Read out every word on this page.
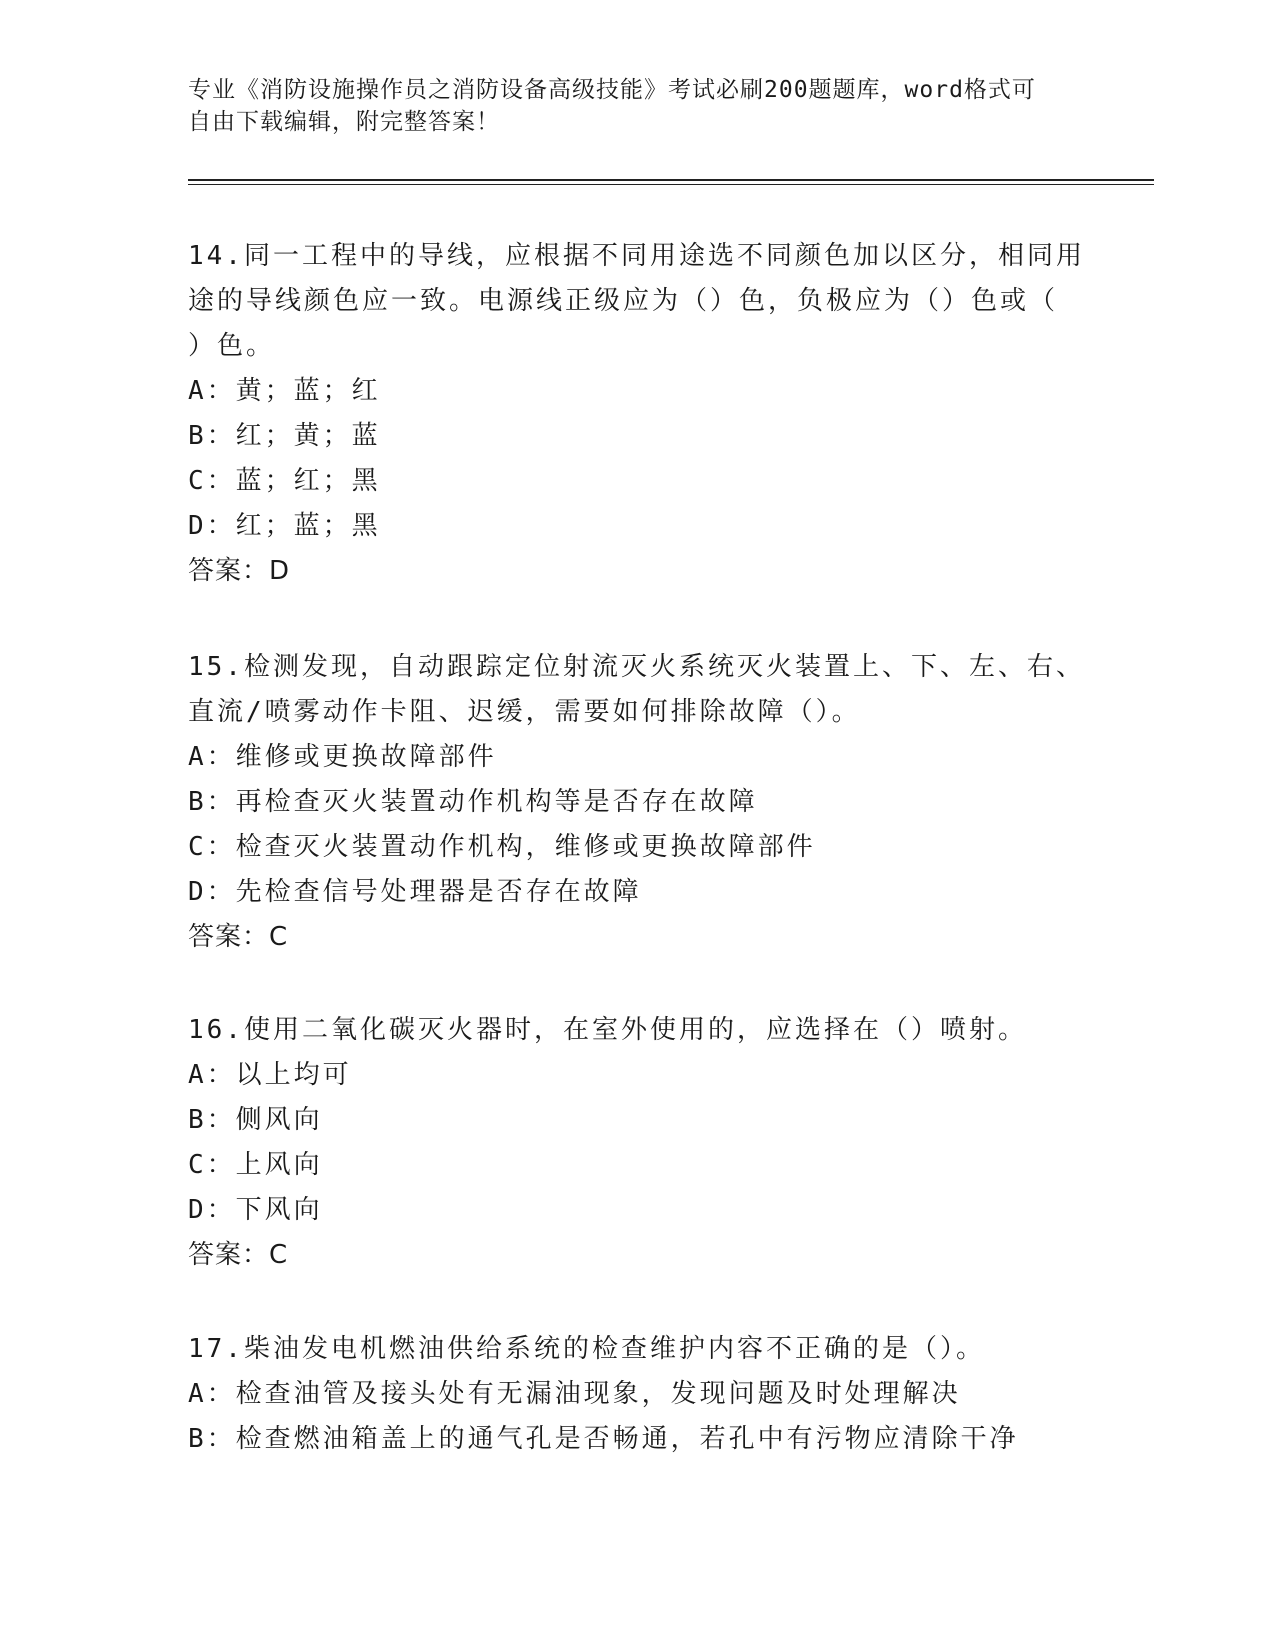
专业《消防设施操作员之消防设备高级技能》考试必刷200题题库，word格式可
自由下载编辑，附完整答案！

14.同一工程中的导线，应根据不同用途选不同颜色加以区分，相同用

途的导线颜色应一致。电源线正级应为（）色，负极应为（）色或（

）色。

A：黄；蓝；红

B：红；黄；蓝

C：蓝；红；黑

D：红；蓝；黑

答案：D

15.检测发现，自动跟踪定位射流灭火系统灭火装置上、下、左、右、

直流/喷雾动作卡阻、迟缓，需要如何排除故障（）。

A：维修或更换故障部件

B：再检查灭火装置动作机构等是否存在故障

C：检查灭火装置动作机构，维修或更换故障部件

D：先检查信号处理器是否存在故障

答案：C

16.使用二氧化碳灭火器时，在室外使用的，应选择在（）喷射。

A：以上均可

B：侧风向

C：上风向

D：下风向

答案：C

17.柴油发电机燃油供给系统的检查维护内容不正确的是（）。

A：检查油管及接头处有无漏油现象，发现问题及时处理解决

B：检查燃油箱盖上的通气孔是否畅通，若孔中有污物应清除干净
